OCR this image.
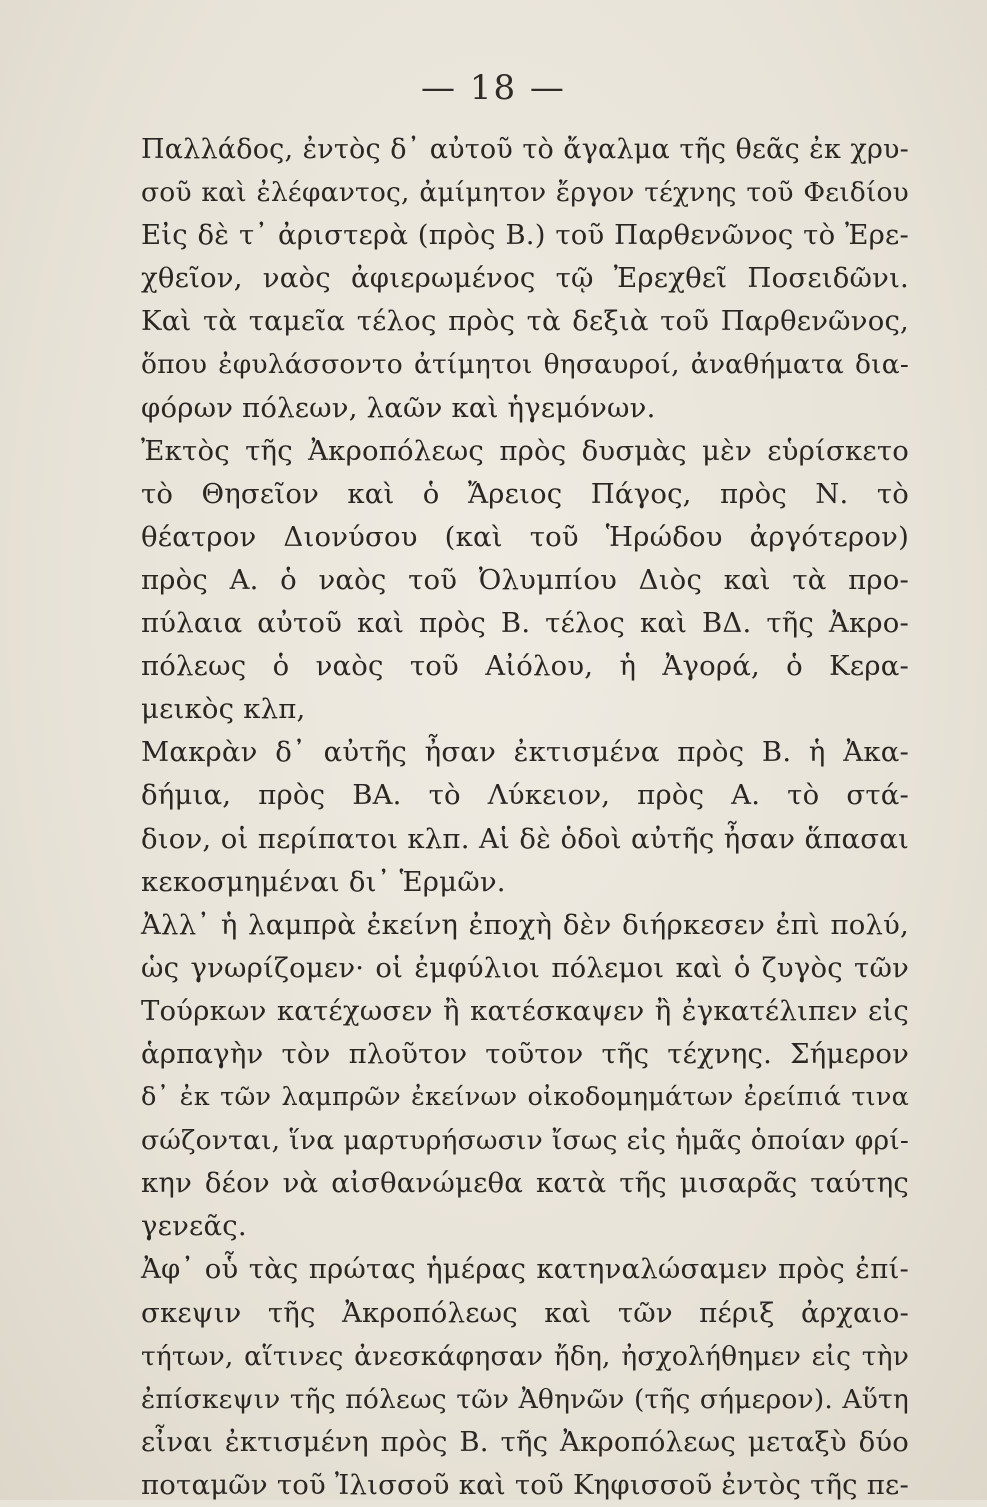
— 18 —
Παλλάδος, ἐντὸς δ᾽ αὐτοῦ τὸ ἄγαλμα τῆς θεᾶς ἐκ χρυ-
σοῦ καὶ ἐλέφαντος, ἀμίμητον ἔργον τέχνης τοῦ Φειδίου
Εἰς δὲ τ᾽ ἀριστερὰ (πρὸς Β.) τοῦ Παρθενῶνος τὸ Ἐρε-
χθεῖον, ναὸς ἀφιερωμένος τῷ Ἐρεχθεῖ Ποσειδῶνι.
Καὶ τὰ ταμεῖα τέλος πρὸς τὰ δεξιὰ τοῦ Παρθενῶνος,
ὅπου ἐφυλάσσοντο ἀτίμητοι θησαυροί, ἀναθήματα δια-
φόρων πόλεων, λαῶν καὶ ἡγεμόνων.
Ἐκτὸς τῆς Ἀκροπόλεως πρὸς δυσμὰς μὲν εὑρίσκετο
τὸ Θησεῖον καὶ ὁ Ἄρειος Πάγος, πρὸς Ν. τὸ
θέατρον Διονύσου (καὶ τοῦ Ἡρώδου ἀργότερον)
πρὸς Α. ὁ ναὸς τοῦ Ὀλυμπίου Διὸς καὶ τὰ προ-
πύλαια αὐτοῦ καὶ πρὸς Β. τέλος καὶ ΒΔ. τῆς Ἀκρο-
πόλεως ὁ ναὸς τοῦ Αἰόλου, ἡ Ἀγορά, ὁ Κερα-
μεικὸς κλπ,
Μακρὰν δ᾽ αὐτῆς ἦσαν ἐκτισμένα πρὸς Β. ἡ Ἀκα-
δήμια, πρὸς ΒΑ. τὸ Λύκειον, πρὸς Α. τὸ στά-
διον, οἱ περίπατοι κλπ. Αἱ δὲ ὁδοὶ αὐτῆς ἦσαν ἅπασαι
κεκοσμημέναι δι᾽ Ἑρμῶν.
Ἀλλ᾽ ἡ λαμπρὰ ἐκείνη ἐποχὴ δὲν διήρκεσεν ἐπὶ πολύ,
ὡς γνωρίζομεν· οἱ ἐμφύλιοι πόλεμοι καὶ ὁ ζυγὸς τῶν
Τούρκων κατέχωσεν ἢ κατέσκαψεν ἢ ἐγκατέλιπεν εἰς
ἁρπαγὴν τὸν πλοῦτον τοῦτον τῆς τέχνης. Σήμερον
δ᾽ ἐκ τῶν λαμπρῶν ἐκείνων οἰκοδομημάτων ἐρείπιά τινα
σώζονται, ἵνα μαρτυρήσωσιν ἴσως εἰς ἡμᾶς ὁποίαν φρί-
κην δέον νὰ αἰσθανώμεθα κατὰ τῆς μισαρᾶς ταύτης
γενεᾶς.
Ἀφ᾽ οὗ τὰς πρώτας ἡμέρας κατηναλώσαμεν πρὸς ἐπί-
σκεψιν τῆς Ἀκροπόλεως καὶ τῶν πέριξ ἀρχαιο-
τήτων, αἵτινες ἀνεσκάφησαν ἤδη, ἠσχολήθημεν εἰς τὴν
ἐπίσκεψιν τῆς πόλεως τῶν Ἀθηνῶν (τῆς σήμερον). Αὕτη
εἶναι ἐκτισμένη πρὸς Β. τῆς Ἀκροπόλεως μεταξὺ δύο
ποταμῶν τοῦ Ἰλισσοῦ καὶ τοῦ Κηφισσοῦ ἐντὸς τῆς πε-
